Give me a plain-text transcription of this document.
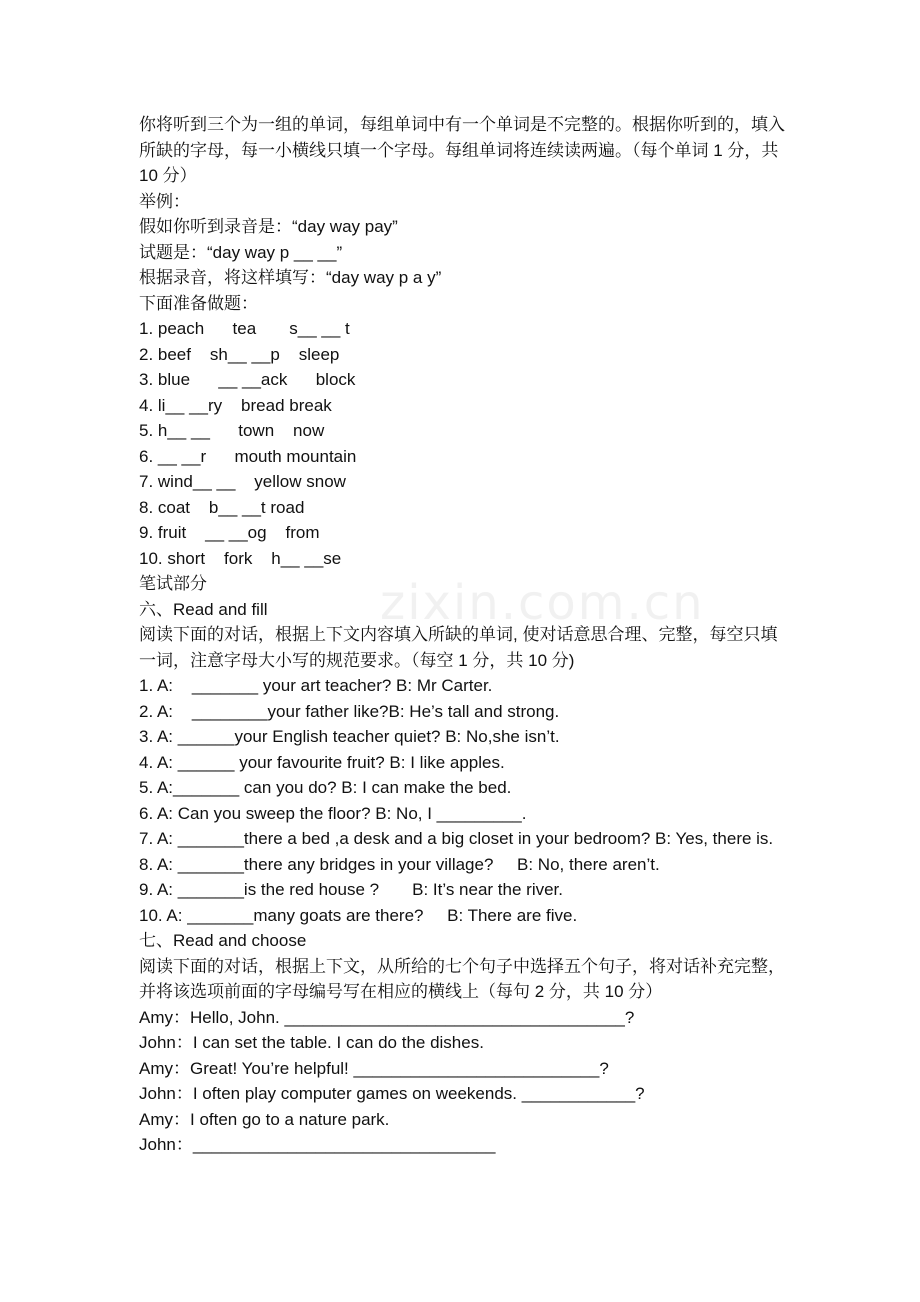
zixin.com.cn
你将听到三个为一组的单词，每组单词中有一个单词是不完整的。根据你听到的，填入所缺的字母，每一小横线只填一个字母。每组单词将连续读两遍。（每个单词 1 分，共 10 分）
举例：
假如你听到录音是：“day way pay”
试题是：“day way p __ __”
根据录音，将这样填写：“day way p a y”
下面准备做题：
1. peach      tea       s__ __ t
2. beef    sh__ __p    sleep
3. blue      __ __ack      block
4. li__ __ry    bread break
5. h__ __      town    now
6. __ __r      mouth mountain
7. wind__ __    yellow snow
8. coat    b__ __t road
9. fruit    __ __og    from
10. short    fork    h__ __se
笔试部分
六、Read and fill
阅读下面的对话，根据上下文内容填入所缺的单词, 使对话意思合理、完整，每空只填一词，注意字母大小写的规范要求。（每空 1 分，共 10 分)
1. A:    _______ your art teacher? B: Mr Carter.
2. A:    ________your father like?B: He’s tall and strong.
3. A: ______your English teacher quiet? B: No,she isn’t.
4. A: ______ your favourite fruit? B: I like apples.
5. A:_______ can you do? B: I can make the bed.
6. A: Can you sweep the floor? B: No, I _________.
7. A: _______there a bed ,a desk and a big closet in your bedroom? B: Yes, there is.
8. A: _______there any bridges in your village?     B: No, there aren’t.
9. A: _______is the red house ?       B: It’s near the river.
10. A: _______many goats are there?     B: There are five.
七、Read and choose
阅读下面的对话，根据上下文，从所给的七个句子中选择五个句子，将对话补充完整，并将该选项前面的字母编号写在相应的横线上（每句 2 分，共 10 分）
Amy：Hello, John. ____________________________________?
John：I can set the table. I can do the dishes.
Amy：Great! You’re helpful! __________________________?
John：I often play computer games on weekends. ____________?
Amy：I often go to a nature park.
John：________________________________
